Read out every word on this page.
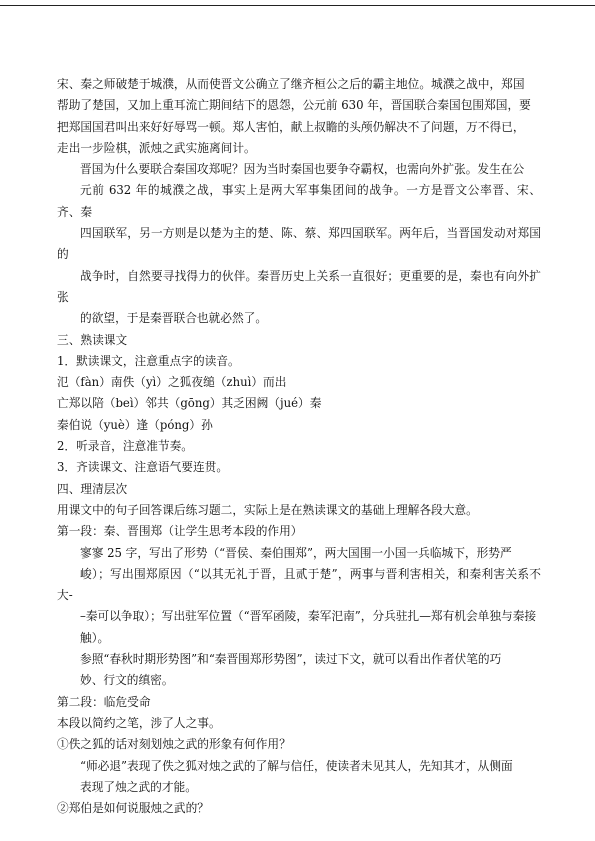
宋、秦之师破楚于城濮，从而使晋文公确立了继齐桓公之后的霸主地位。城濮之战中，郑国
帮助了楚国，又加上重耳流亡期间结下的恩怨，公元前 630 年，晋国联合秦国包围郑国，要
把郑国国君叫出来好好辱骂一顿。郑人害怕，献上叔瞻的头颅仍解决不了问题，万不得已，
走出一步险棋，派烛之武实施离间计。

晋国为什么要联合秦国攻郑呢？因为当时秦国也要争夺霸权，也需向外扩张。发生在公
元前 632 年的城濮之战，事实上是两大军事集团间的战争。一方是晋文公率晋、宋、齐、秦
四国联军，另一方则是以楚为主的楚、陈、蔡、郑四国联军。两年后，当晋国发动对郑国的
战争时，自然要寻找得力的伙伴。秦晋历史上关系一直很好；更重要的是，秦也有向外扩张
的欲望，于是秦晋联合也就必然了。

三、熟读课文

1．默读课文，注意重点字的读音。

氾（fàn）南佚（yì）之狐夜缒（zhuì）而出

亡郑以陪（beì）邻共（gōng）其乏困阙（jué）秦

秦伯说（yuè）逢（póng）孙

2．听录音，注意准节奏。

3．齐读课文、注意语气要连贯。

四、理清层次

用课文中的句子回答课后练习题二，实际上是在熟读课文的基础上理解各段大意。

第一段：秦、晋围郑（让学生思考本段的作用）

寥寥 25 字，写出了形势（“晋侯、秦伯围郑”，两大国围一小国一兵临城下，形势严
峻）；写出围郑原因（“以其无礼于晋，且贰于楚”，两事与晋利害相关，和秦利害关系不大-
–秦可以争取）；写出驻军位置（“晋军函陵，秦军汜南”，分兵驻扎—郑有机会单独与秦接
触）。

参照“春秋时期形势图”和“秦晋围郑形势图”，读过下文，就可以看出作者伏笔的巧
妙、行文的缜密。

第二段：临危受命

本段以简约之笔，涉了人之事。

①佚之狐的话对刻划烛之武的形象有何作用？

“师必退”表现了佚之狐对烛之武的了解与信任，使读者未见其人，先知其才，从侧面
表现了烛之武的才能。

②郑伯是如何说服烛之武的？
